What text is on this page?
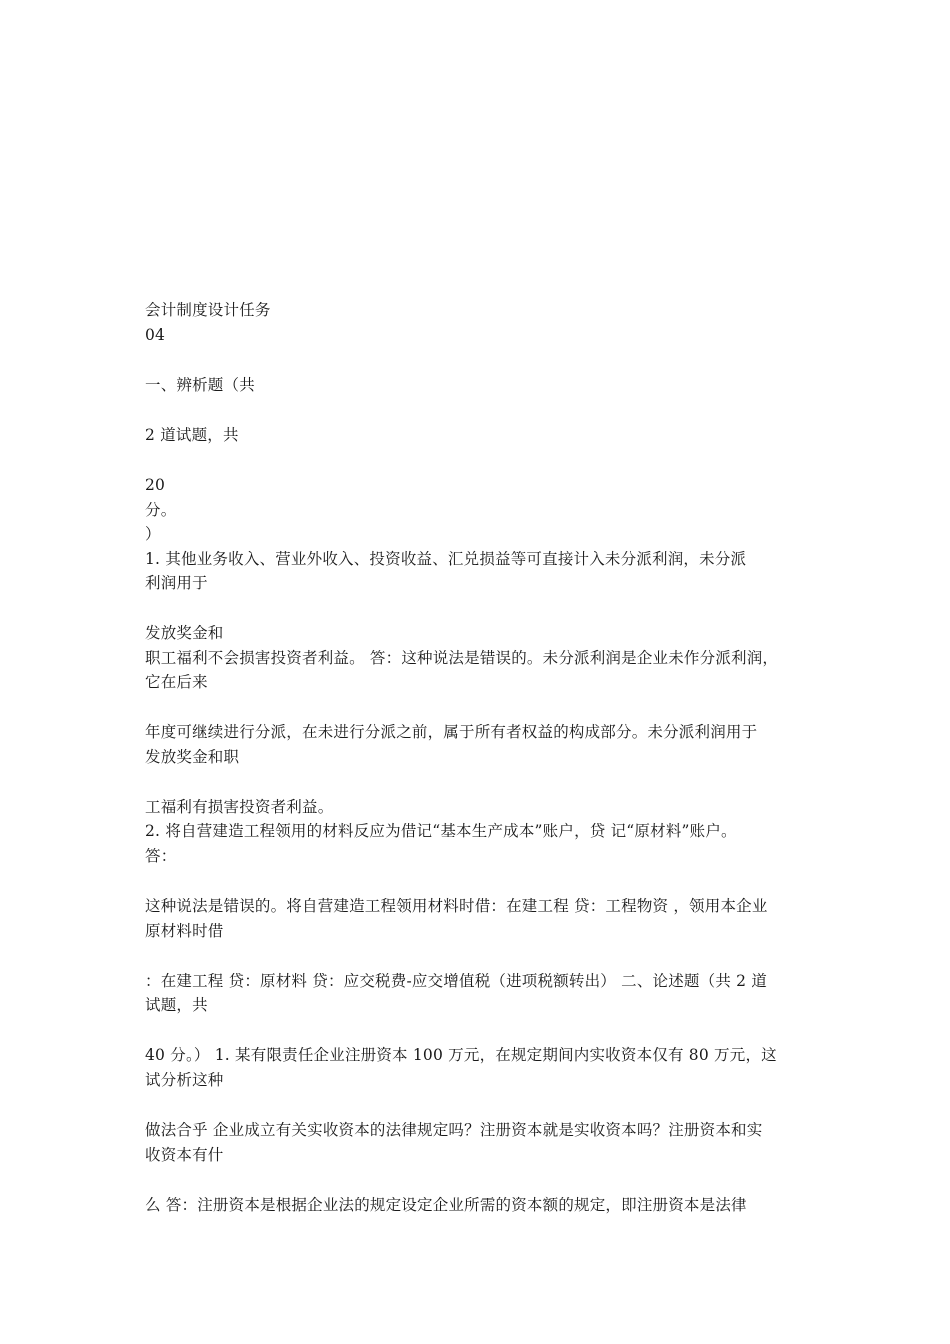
会计制度设计任务
04
一、辨析题（共
2 道试题，共
20
分。
）
1. 其他业务收入、营业外收入、投资收益、汇兑损益等可直接计入未分派利润，未分派
利润用于
发放奖金和
职工福利不会损害投资者利益。 答：这种说法是错误的。未分派利润是企业未作分派利润，
它在后来
年度可继续进行分派，在未进行分派之前，属于所有者权益的构成部分。未分派利润用于
发放奖金和职
工福利有损害投资者利益。
2. 将自营建造工程领用的材料反应为借记“基本生产成本”账户，贷 记“原材料”账户。
答：
这种说法是错误的。将自营建造工程领用材料时借：在建工程 贷：工程物资 ，领用本企业
原材料时借
：在建工程 贷：原材料 贷：应交税费-应交增值税（进项税额转出） 二、论述题（共 2 道
试题，共
40 分。） 1. 某有限责任企业注册资本 100 万元，在规定期间内实收资本仅有 80 万元，这
试分析这种
做法合乎 企业成立有关实收资本的法律规定吗？注册资本就是实收资本吗？注册资本和实
收资本有什
么 答：注册资本是根据企业法的规定设定企业所需的资本额的规定，即注册资本是法律
